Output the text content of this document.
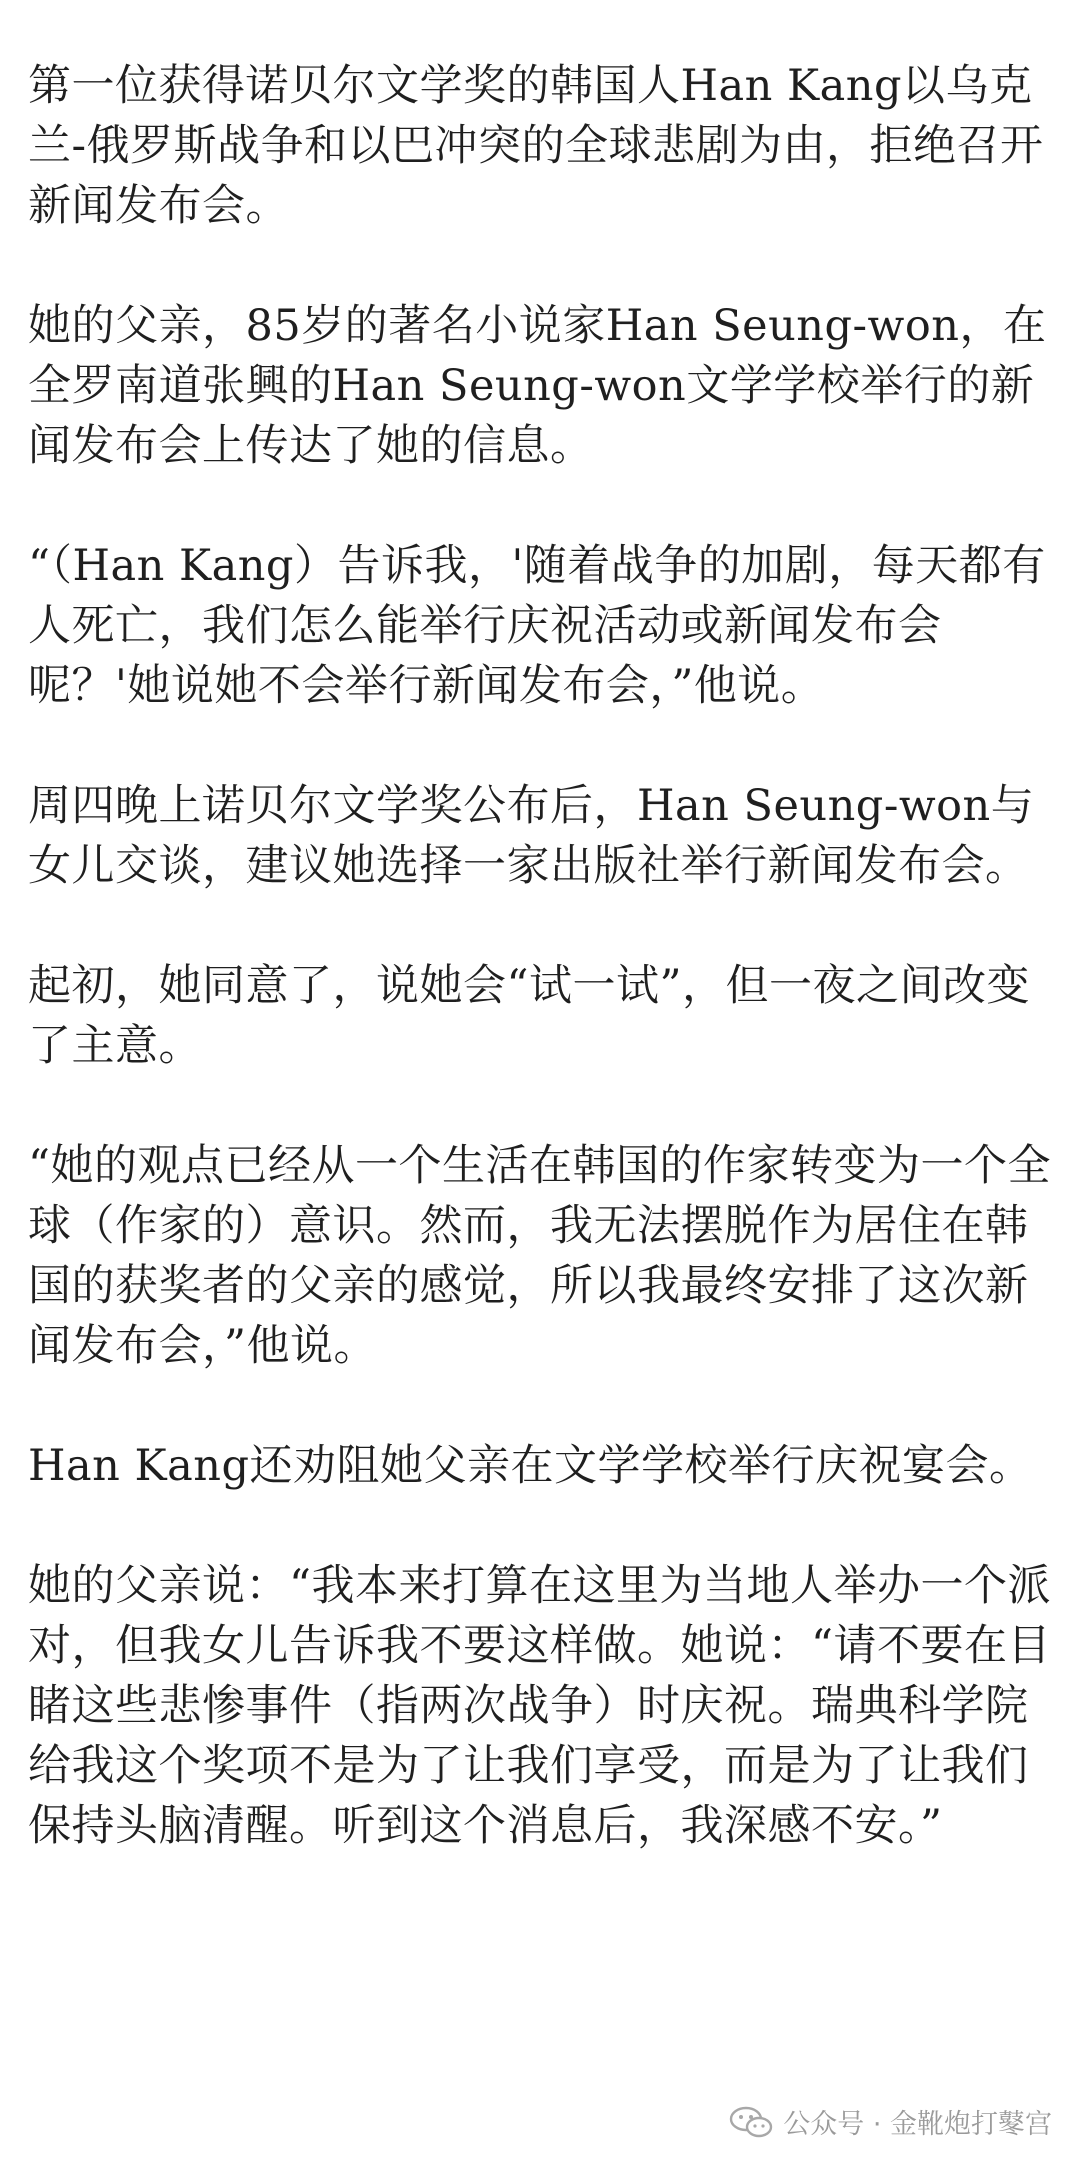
第一位获得诺贝尔文学奖的韩国人Han Kang以乌克兰-俄罗斯战争和以巴冲突的全球悲剧为由，拒绝召开新闻发布会。

她的父亲，85岁的著名小说家Han Seung-won，在全罗南道张興的Han Seung-won文学学校举行的新闻发布会上传达了她的信息。

“（Han Kang）告诉我，'随着战争的加剧，每天都有人死亡，我们怎么能举行庆祝活动或新闻发布会呢？'她说她不会举行新闻发布会，”他说。

周四晚上诺贝尔文学奖公布后，Han Seung-won与女儿交谈，建议她选择一家出版社举行新闻发布会。

起初，她同意了，说她会“试一试”，但一夜之间改变了主意。

“她的观点已经从一个生活在韩国的作家转变为一个全球（作家的）意识。然而，我无法摆脱作为居住在韩国的获奖者的父亲的感觉，所以我最终安排了这次新闻发布会，”他说。

Han Kang还劝阻她父亲在文学学校举行庆祝宴会。

她的父亲说：“我本来打算在这里为当地人举办一个派对，但我女儿告诉我不要这样做。她说：“请不要在目睹这些悲惨事件（指两次战争）时庆祝。瑞典科学院给我这个奖项不是为了让我们享受，而是为了让我们保持头脑清醒。听到这个消息后，我深感不安。”

公众号 · 金靴炮打鼕宫
